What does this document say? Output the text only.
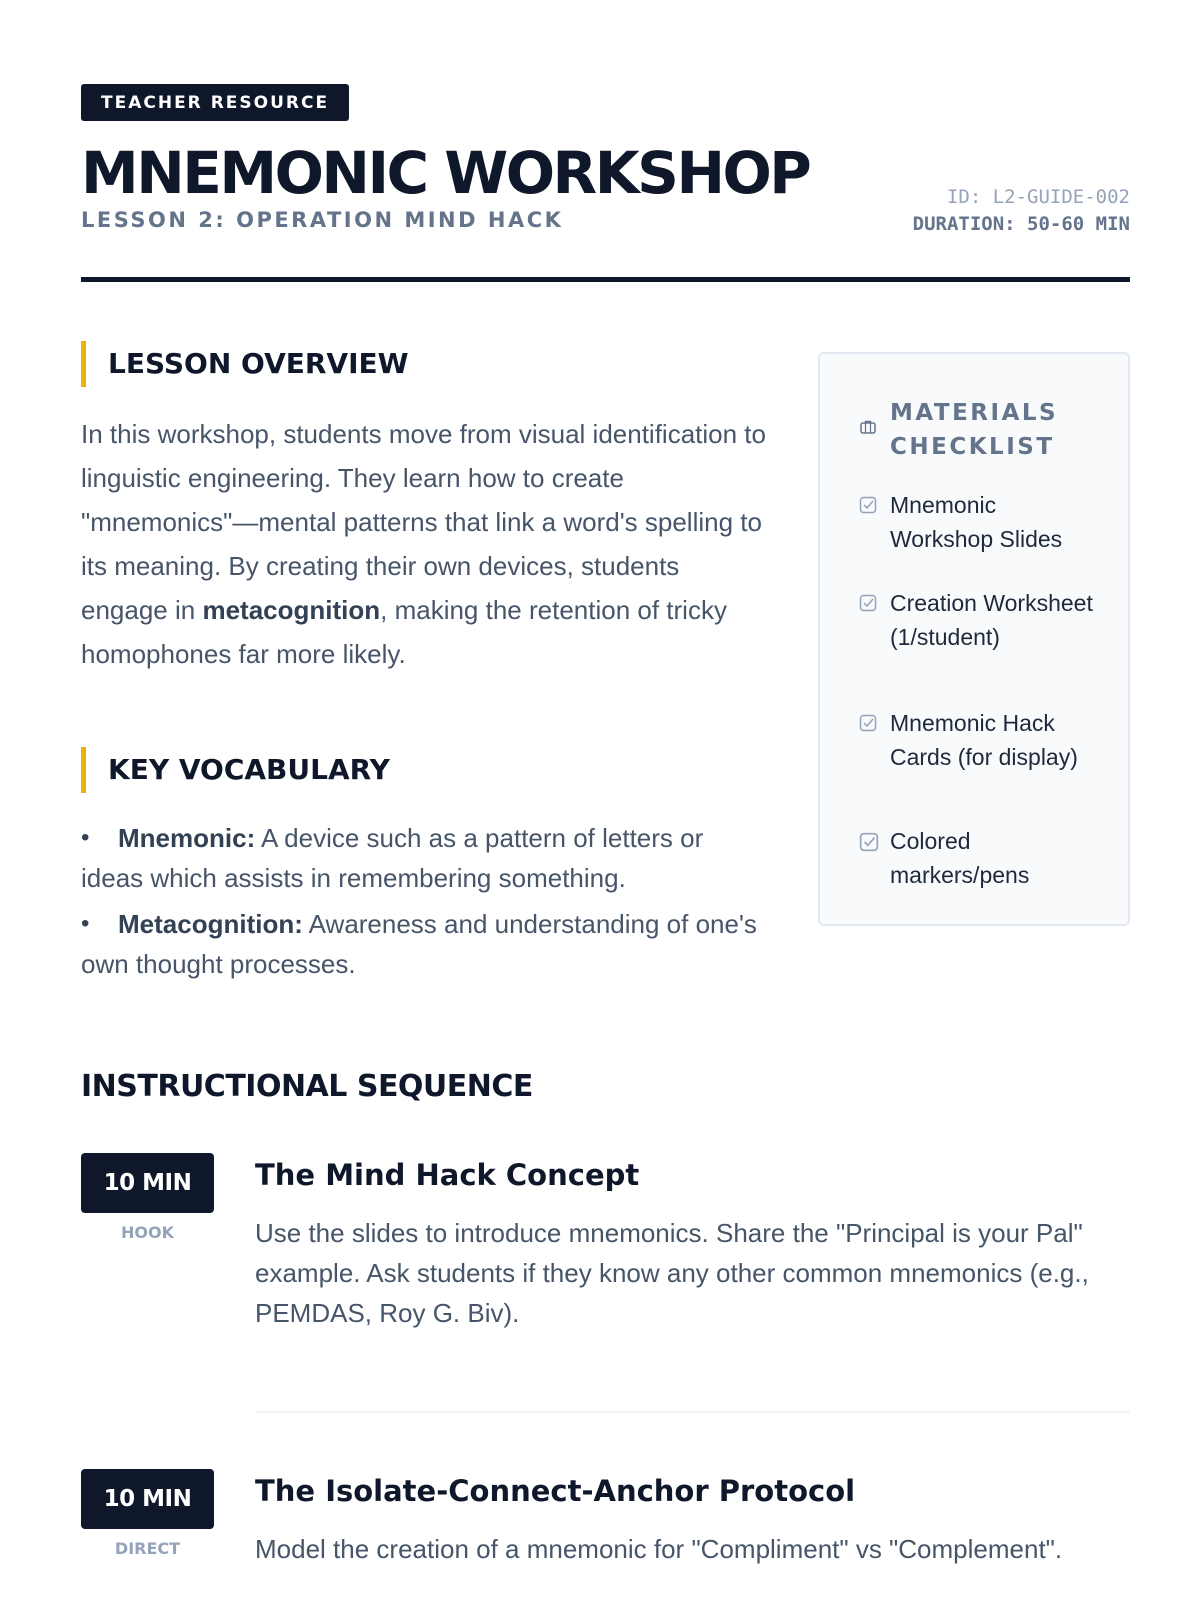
TEACHER RESOURCE
MNEMONIC WORKSHOP
LESSON 2: OPERATION MIND HACK
ID: L2-GUIDE-002
DURATION: 50-60 MIN
LESSON OVERVIEW

In this workshop, students move from visual identification to linguistic engineering. They learn how to create "mnemonics"—mental patterns that link a word's spelling to its meaning. By creating their own devices, students engage in metacognition, making the retention of tricky homophones far more likely.

KEY VOCABULARY
• Mnemonic: A device such as a pattern of letters or ideas which assists in remembering something.
• Metacognition: Awareness and understanding of one's own thought processes.
MATERIALS
CHECKLIST
Mnemonic Workshop Slides
Creation Worksheet (1/student)
Mnemonic Hack Cards (for display)
Colored markers/pens
INSTRUCTIONAL SEQUENCE
10 MIN
HOOK
The Mind Hack Concept
Use the slides to introduce mnemonics. Share the "Principal is your Pal" example. Ask students if they know any other common mnemonics (e.g., PEMDAS, Roy G. Biv).
10 MIN
DIRECT
The Isolate-Connect-Anchor Protocol
Model the creation of a mnemonic for "Compliment" vs "Complement".
